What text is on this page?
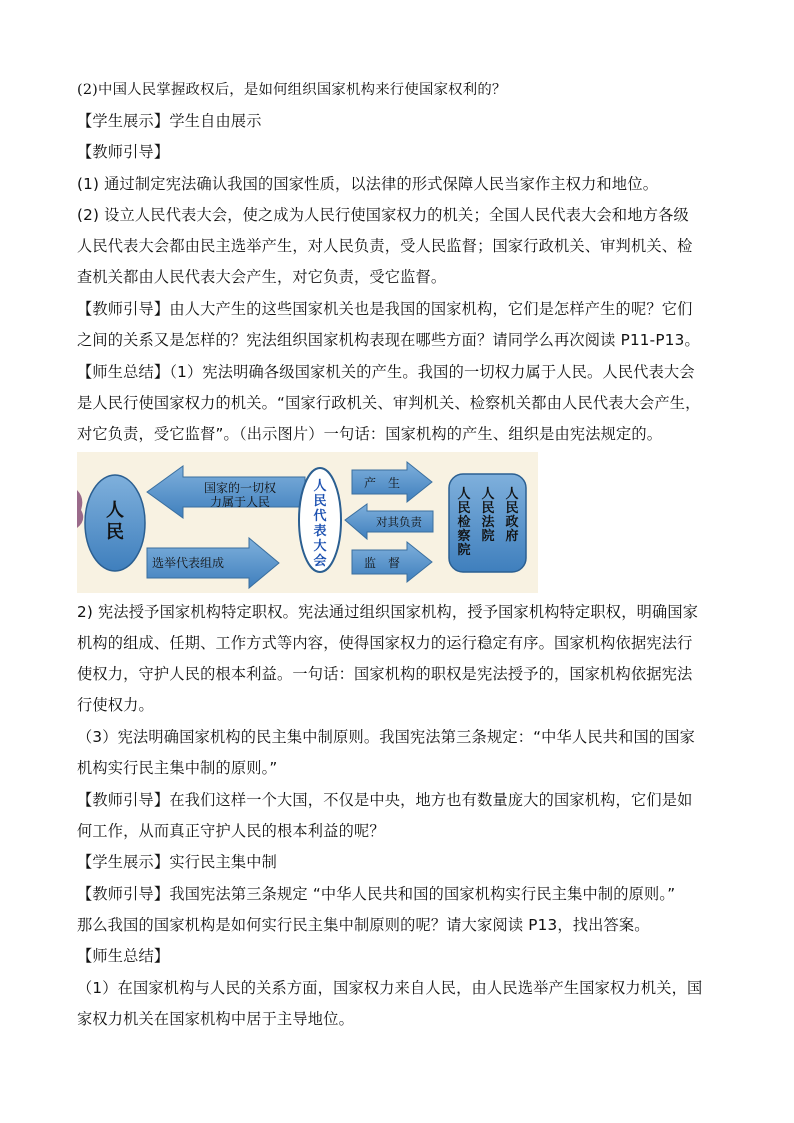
(2)中国人民掌握政权后，是如何组织国家机构来行使国家权利的？
【学生展示】学生自由展示
【教师引导】
(1) 通过制定宪法确认我国的国家性质，以法律的形式保障人民当家作主权力和地位。
(2) 设立人民代表大会，使之成为人民行使国家权力的机关；全国人民代表大会和地方各级
人民代表大会都由民主选举产生，对人民负责，受人民监督；国家行政机关、审判机关、检
查机关都由人民代表大会产生，对它负责，受它监督。
【教师引导】由人大产生的这些国家机关也是我国的国家机构，它们是怎样产生的呢？它们
之间的关系又是怎样的？宪法组织国家机构表现在哪些方面？请同学么再次阅读 P11-P13。
【师生总结】（1）宪法明确各级国家机关的产生。我国的一切权力属于人民。人民代表大会
是人民行使国家权力的机关。“国家行政机关、审判机关、检察机关都由人民代表大会产生，
对它负责，受它监督”。（出示图片）一句话：国家机构的产生、组织是由宪法规定的。
人
民
国家的一切权
力属于人民
选举代表组成
人
民
代
表
大
会
产　生
对其负责
监　督
人
民
检
察
院
人
民
法
院
人
民
政
府
2) 宪法授予国家机构特定职权。宪法通过组织国家机构，授予国家机构特定职权，明确国家
机构的组成、任期、工作方式等内容，使得国家权力的运行稳定有序。国家机构依据宪法行
使权力，守护人民的根本利益。一句话：国家机构的职权是宪法授予的，国家机构依据宪法
行使权力。
（3）宪法明确国家机构的民主集中制原则。我国宪法第三条规定：“中华人民共和国的国家
机构实行民主集中制的原则。”
【教师引导】在我们这样一个大国，不仅是中央，地方也有数量庞大的国家机构，它们是如
何工作，从而真正守护人民的根本利益的呢？
【学生展示】实行民主集中制
【教师引导】我国宪法第三条规定 “中华人民共和国的国家机构实行民主集中制的原则。”
那么我国的国家机构是如何实行民主集中制原则的呢？请大家阅读 P13，找出答案。
【师生总结】
（1）在国家机构与人民的关系方面，国家权力来自人民，由人民选举产生国家权力机关，国
家权力机关在国家机构中居于主导地位。
